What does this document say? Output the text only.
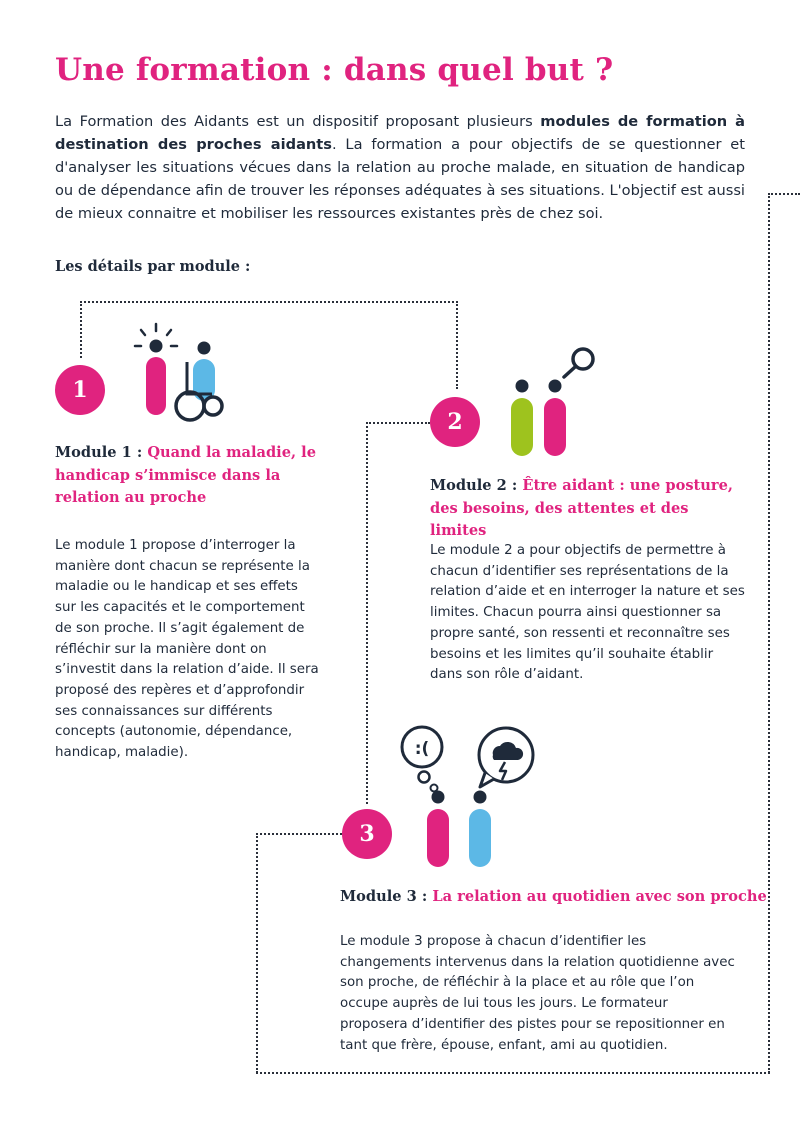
Une formation : dans quel but ?

La Formation des Aidants est un dispositif proposant plusieurs modules de formation à destination des proches aidants. La formation a pour objectifs de se questionner et d'analyser les situations vécues dans la relation au proche malade, en situation de handicap ou de dépendance afin de trouver les réponses adéquates à ses situations. L'objectif est aussi de mieux connaitre et mobiliser les ressources existantes près de chez soi.

Les détails par module :
1
Module 1 : Quand la maladie, le handicap s’immisce dans la relation au proche

Le module 1 propose d’interroger la manière dont chacun se représente la maladie ou le handicap et ses effets sur les capacités et le comportement de son proche. Il s’agit également de réfléchir sur la manière dont on s’investit dans la relation d’aide. Il sera proposé des repères et d’approfondir ses connaissances sur différents concepts (autonomie, dépendance, handicap, maladie).

2
Module 2 : Être aidant : une posture, des besoins, des attentes et des limites

Le module 2 a pour objectifs de permettre à chacun d’identifier ses représentations de la relation d’aide et en interroger la nature et ses limites. Chacun pourra ainsi questionner sa propre santé, son ressenti et reconnaître ses besoins et les limites qu’il souhaite établir dans son rôle d’aidant.

3
:(
Module 3 : La relation au quotidien avec son proche

Le module 3 propose à chacun d’identifier les changements intervenus dans la relation quotidienne avec son proche, de réfléchir à la place et au rôle que l’on occupe auprès de lui tous les jours. Le formateur proposera d’identifier des pistes pour se repositionner en tant que frère, épouse, enfant, ami au quotidien.
